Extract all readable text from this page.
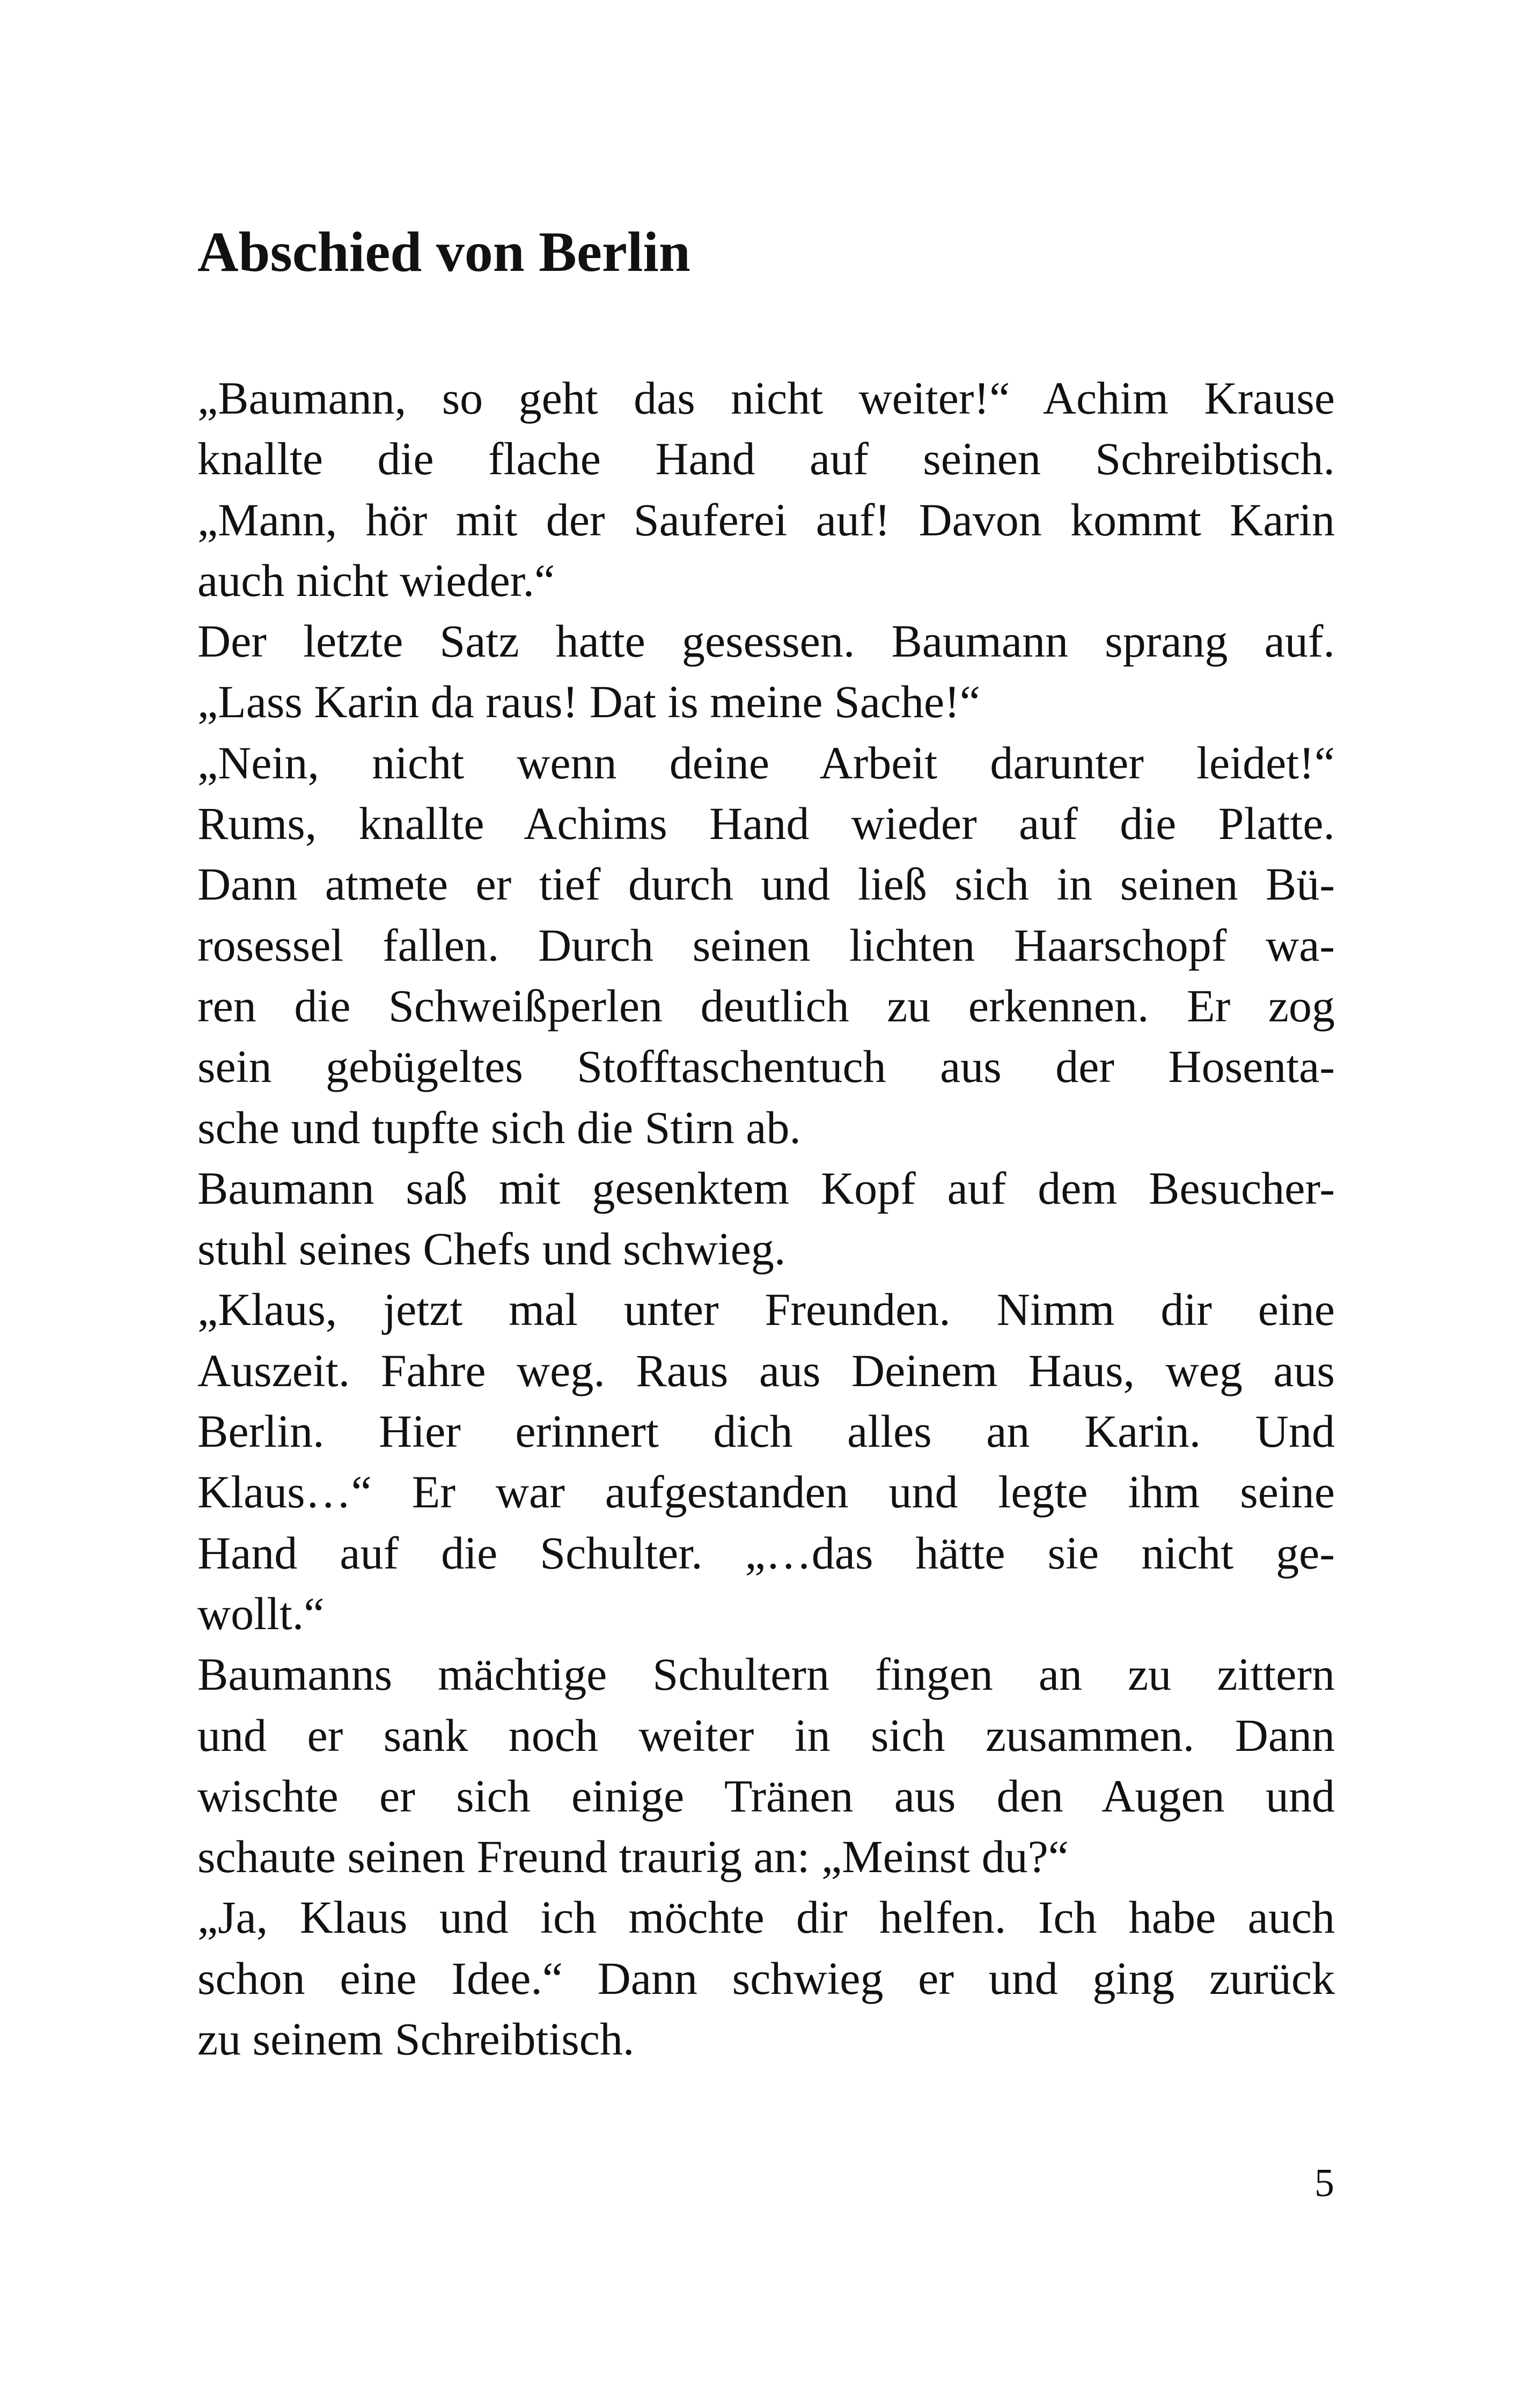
Abschied von Berlin
„Baumann, so geht das nicht weiter!“ Achim Krause
knallte die flache Hand auf seinen Schreibtisch.
„Mann, hör mit der Sauferei auf! Davon kommt Karin
auch nicht wieder.“
Der letzte Satz hatte gesessen. Baumann sprang auf.
„Lass Karin da raus! Dat is meine Sache!“
„Nein, nicht wenn deine Arbeit darunter leidet!“
Rums, knallte Achims Hand wieder auf die Platte.
Dann atmete er tief durch und ließ sich in seinen Bü-
rosessel fallen. Durch seinen lichten Haarschopf wa-
ren die Schweißperlen deutlich zu erkennen. Er zog
sein gebügeltes Stofftaschentuch aus der Hosenta-
sche und tupfte sich die Stirn ab.
Baumann saß mit gesenktem Kopf auf dem Besucher-
stuhl seines Chefs und schwieg.
„Klaus, jetzt mal unter Freunden. Nimm dir eine
Auszeit. Fahre weg. Raus aus Deinem Haus, weg aus
Berlin. Hier erinnert dich alles an Karin. Und
Klaus…“ Er war aufgestanden und legte ihm seine
Hand auf die Schulter. „…das hätte sie nicht ge-
wollt.“
Baumanns mächtige Schultern fingen an zu zittern
und er sank noch weiter in sich zusammen. Dann
wischte er sich einige Tränen aus den Augen und
schaute seinen Freund traurig an: „Meinst du?“
„Ja, Klaus und ich möchte dir helfen. Ich habe auch
schon eine Idee.“ Dann schwieg er und ging zurück
zu seinem Schreibtisch.
5
